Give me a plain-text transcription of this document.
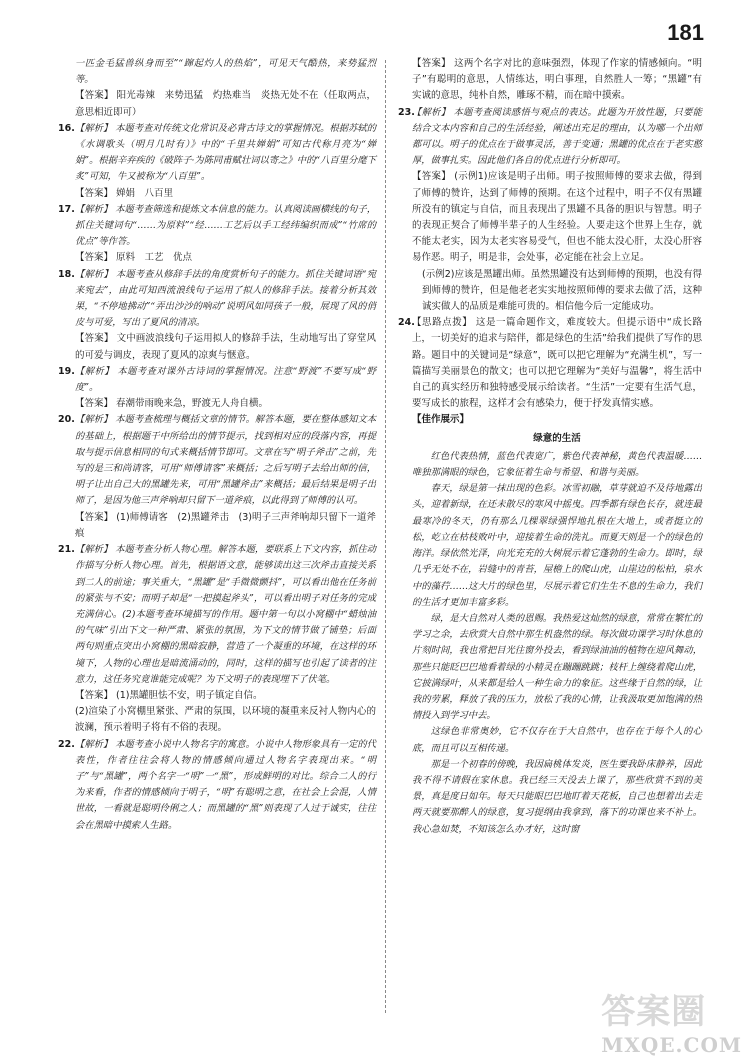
181

一匹金毛猛兽纵身而至”“蹿起灼人的热焰”，可见天气酷热，来势猛烈等。

【答案】 阳光毒辣　来势迅猛　灼热难当　炎热无处不在（任取两点，意思相近即可）

16. 【解析】 本题考查对传统文化常识及必背古诗文的掌握情况。根据苏轼的《水调歌头（明月几时有）》中的“千里共婵娟”可知古代称月亮为“婵娟”。根据辛弃疾的《破阵子·为陈同甫赋壮词以寄之》中的“八百里分麾下炙”可知，牛又被称为“八百里”。

【答案】 婵娟　八百里

17. 【解析】 本题考查筛选和提炼文本信息的能力。认真阅读画横线的句子，抓住关键词句“……为原料”“经……工艺后以手工经纬编织而成”“竹席的优点”等作答。

【答案】 原料　工艺　优点

18. 【解析】 本题考查从修辞手法的角度赏析句子的能力。抓住关键词语“宛来宛去”，由此可知西流浪线句子运用了拟人的修辞手法。接着分析其效果，“不停地拂动”“弄出沙沙的响动”说明风如同孩子一般，展现了风的俏皮与可爱，写出了夏风的清凉。

【答案】 文中画波浪线句子运用拟人的修辞手法，生动地写出了穿堂风的可爱与调皮，表现了夏风的凉爽与惬意。

19. 【解析】 本题考查对课外古诗词的掌握情况。注意“野渡”不要写成“野度”。

【答案】 春潮带雨晚来急，野渡无人舟自横。

20. 【解析】 本题考查梳理与概括文章的情节。解答本题，要在整体感知文本的基础上，根据题干中所给出的情节提示，找到相对应的段落内容，再提取与提示信息相同的句式来概括情节即可。文章在写“明子斧击”之前，先写的是三和尚请客，可用“师傅请客”来概括；之后写明子去给出师的信，明子让出自己大的黑罐先来，可用“黑罐斧击”来概括；最后结果是明子出师了，是因为他三声斧响却只留下一道斧痕，以此得到了师傅的认可。

【答案】 (1)师傅请客　(2)黑罐斧击　(3)明子三声斧响却只留下一道斧痕

21. 【解析】 本题考查分析人物心理。解答本题，要联系上下文内容，抓住动作描写分析人物心理。首先，根据语文意，能够读出这三次斧击直接关系到二人的前途；事关重大，“黑罐”是“手微微颤抖”，可以看出他在任务前的紧张与不安；而明子却是“一把摸起斧头”，可以看出明子对任务的完成充满信心。(2)本题考查环境描写的作用。题中第一句以小窝棚中“蜡烛油的气味”引出下文一种严肃、紧张的氛围，为下文的情节做了铺垫；后面两句则重点突出小窝棚的黑暗寂静，营造了一个凝重的环境，在这样的环境下，人物的心理也是暗流涌动的，同时，这样的描写也引起了读者的注意力，这任务究竟谁能完成呢？为下文明子的表现埋下了伏笔。

【答案】 (1)黑罐胆怯不安，明子镇定自信。

(2)渲染了小窝棚里紧张、严肃的氛围，以环境的凝重来反衬人物内心的波澜，预示着明子将有不俗的表现。

22. 【解析】 本题考查小说中人物名字的寓意。小说中人物形象具有一定的代表性，作者往往会将人物的情感倾向通过人物名字表现出来。“明子”与“黑罐”，两个名字一“明”一“黑”，形成鲜明的对比。综合二人的行为来看，作者的情感倾向于明子，“明”有聪明之意，在社会上会混，人情世故，一看就是聪明伶俐之人；而黑罐的“黑”则表现了人过于诚实，往往会在黑暗中摸索人生路。

【答案】 这两个名字对比的意味强烈，体现了作家的情感倾向。“明子”有聪明的意思，人情练达，明白事理，自然胜人一筹；“黑罐”有实诚的意思，纯朴自然，雕琢不精，而在暗中摸索。

23.

【解析】 本题考查阅读感悟与观点的表达。此题为开放性题，只要能结合文本内容和自己的生活经验，阐述出充足的理由，认为哪一个出师都可以。明子的优点在于做事灵活，善于变通；黑罐的优点在于老实憨厚，做事扎实。因此他们各自的优点进行分析即可。

【答案】 (示例1)应该是明子出师。明子按照师傅的要求去做，得到了师傅的赞许，达到了师傅的预期。在这个过程中，明子不仅有黑罐所没有的镇定与自信，而且表现出了黑罐不具备的胆识与智慧。明子的表现正契合了师傅半辈子的人生经验。人要走这个世界上生存，就不能太老实，因为太老实容易受气，但也不能太没心肝，太没心肝容易作恶。明子，明是非，会处事，必定能在社会上立足。

(示例2)应该是黑罐出师。虽然黑罐没有达到师傅的预期，也没有得到师傅的赞许，但是他老老实实地按照师傅的要求去做了活，这种诚实做人的品质是难能可贵的。相信他今后一定能成功。

24.

【思路点拨】 这是一篇命题作文，难度较大。但提示语中“成长路上，一切美好的追求与陪伴，都是绿色的生活”给我们提供了写作的思路。题目中的关键词是“绿意”，既可以把它理解为“充满生机”，写一篇描写美丽景色的散文；也可以把它理解为“美好与温馨”，将生活中自己的真实经历和独特感受展示给读者。“生活”一定要有生活气息，要写成长的旅程，这样才会有感染力，便于抒发真情实感。

【佳作展示】

绿意的生活

红色代表热情，蓝色代表宽广，紫色代表神秘，黄色代表温暖……唯独那满眼的绿色，它象征着生命与希望、和谐与美丽。

春天，绿是第一抹出现的色彩。冰雪初融，草芽就迫不及待地露出头，迎着新绿，在还未散尽的寒风中摇曳。四季都有绿色长存，就连最最寒冷的冬天，仍有那么几棵翠绿强悍地扎根在大地上，或者挺立的松，屹立在枯枝败叶中，迎接着生命的洗礼。而夏天则是一个的绿色的海洋。绿依然光泽，向光充充的大树展示着它蓬勃的生命力。即时，绿几乎无处不在，岩缝中的青苔，屋檐上的爬山虎，山崖边的松柏，泉水中的藻荇……这大片的绿色里，尽展示着它们生生不息的生命力，我们的生活才更加丰富多彩。

绿，是大自然对人类的恩赐。我热爱这灿然的绿意，常常在繁忙的学习之余，去欣赏大自然中那生机盎然的绿。每次做功课学习时休息的片刻时间，我也常把目光往窗外投去，看到绿油油的植物在迎风舞动，那些只能眨巴巴地看着绿的小精灵在蹦蹦跳跳；枝杆上缠绕着爬山虎，它披满绿叶，从来都是给人一种生命力的象征。这些缘于自然的绿，让我的劳累，释放了我的压力，放松了我的心情，让我汲取更加饱满的热情投入到学习中去。

这绿色非常奥妙，它不仅存在于大自然中，也存在于每个人的心底，而且可以互相传递。

那是一个初春的傍晚，我因扁桃体发炎，医生要我卧床静养，因此我不得不请假在家休息。我已经三天没去上课了，那些欣赏不到的美景，真是度日如年。每天只能眼巴巴地盯着天花板，自己也想着出去走两天就要那醉人的绿意，复习提纲由我拿到，落下的功课也来不补上。我心急如焚，不知该怎么办才好，这时窗

答案圈
MXQE.COM
